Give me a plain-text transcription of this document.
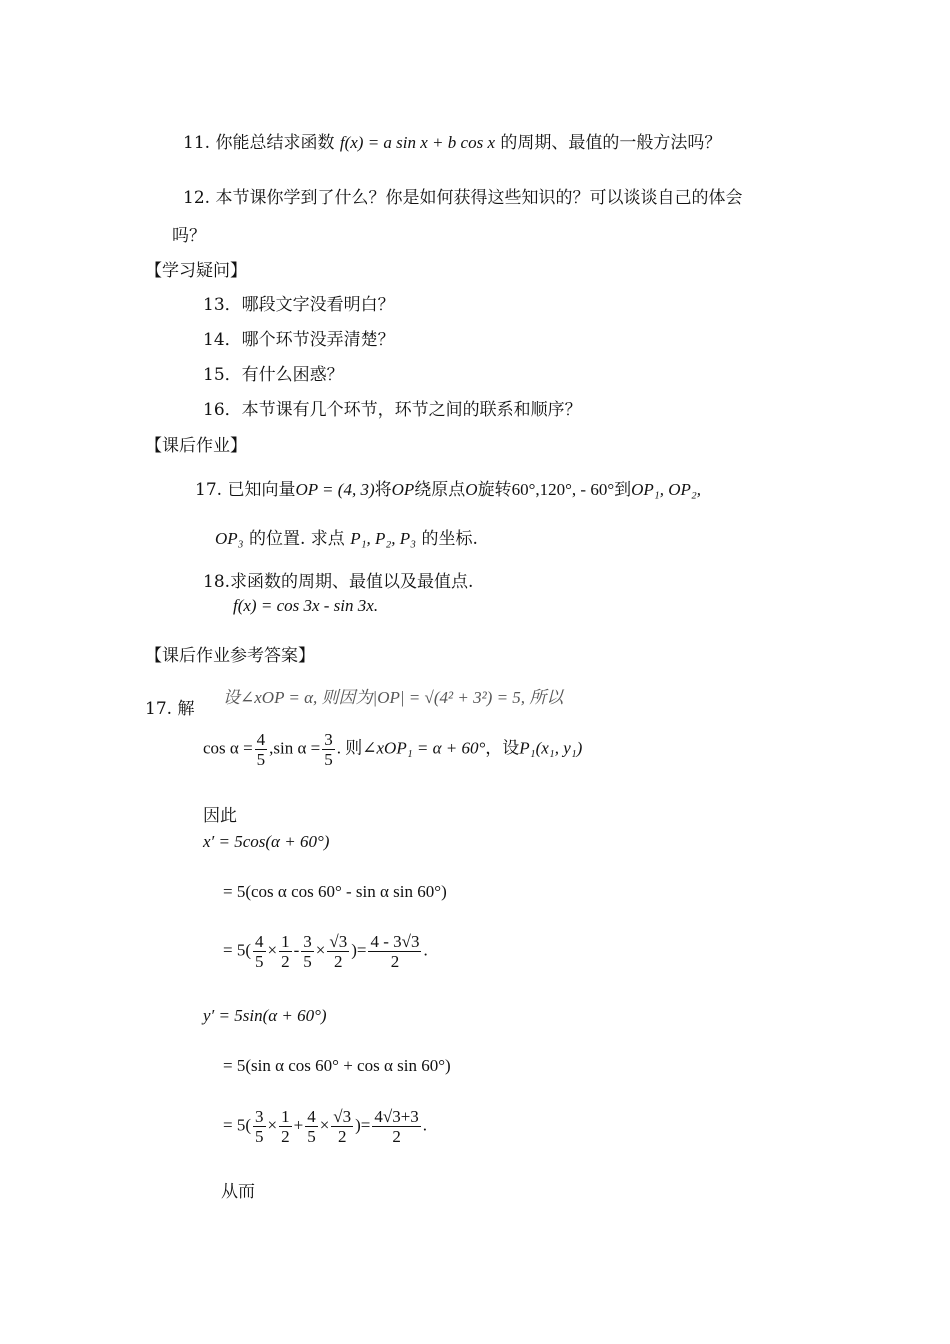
11. 你能总结求函数 f(x) = a sin x + b cos x 的周期、最值的一般方法吗？
12. 本节课你学到了什么？你是如何获得这些知识的？可以谈谈自己的体会
吗？
【学习疑问】
13．哪段文字没看明白？
14．哪个环节没弄清楚？
15．有什么困惑？
16．本节课有几个环节，环节之间的联系和顺序？
【课后作业】
17. 已知向量OP = (4, 3)将OP绕原点O旋转60°,120°, - 60°到OP₁, OP₂,
OP₃ 的位置. 求点 P₁, P₂, P₃ 的坐标.
18.求函数的周期、最值以及最值点.
f(x) = cos 3x - sin 3x.
【课后作业参考答案】
17. 解
设∠xOP = α, 则因为|OP| = √(4² + 3²) = 5, 所以
$\cos \alpha = \frac{4}{5} ,\sin$ $\alpha = \frac{3}{5}$ . 则∠xOP₁ = α + 60°，设P₁(x₁, y₁)
因此
x′ = 5cos(α + 60°)
= 5(cos α cos 60° - sin α sin 60°)
= $5( \frac{4}{5} \times \frac{1}{2} - \frac{3}{5} \times \frac{√3}{2}$ )= $\frac{4 - 3√3}{2}$ .
y′ = 5sin(α + 60°)
= 5(sin α cos 60° + cos α sin 60°)
= $5( \frac{3}{5} \times \frac{1}{2} + \frac{4}{5} \times \frac{√3}{2}$ )= $\frac{4√3+3}{2}$ .
从而
